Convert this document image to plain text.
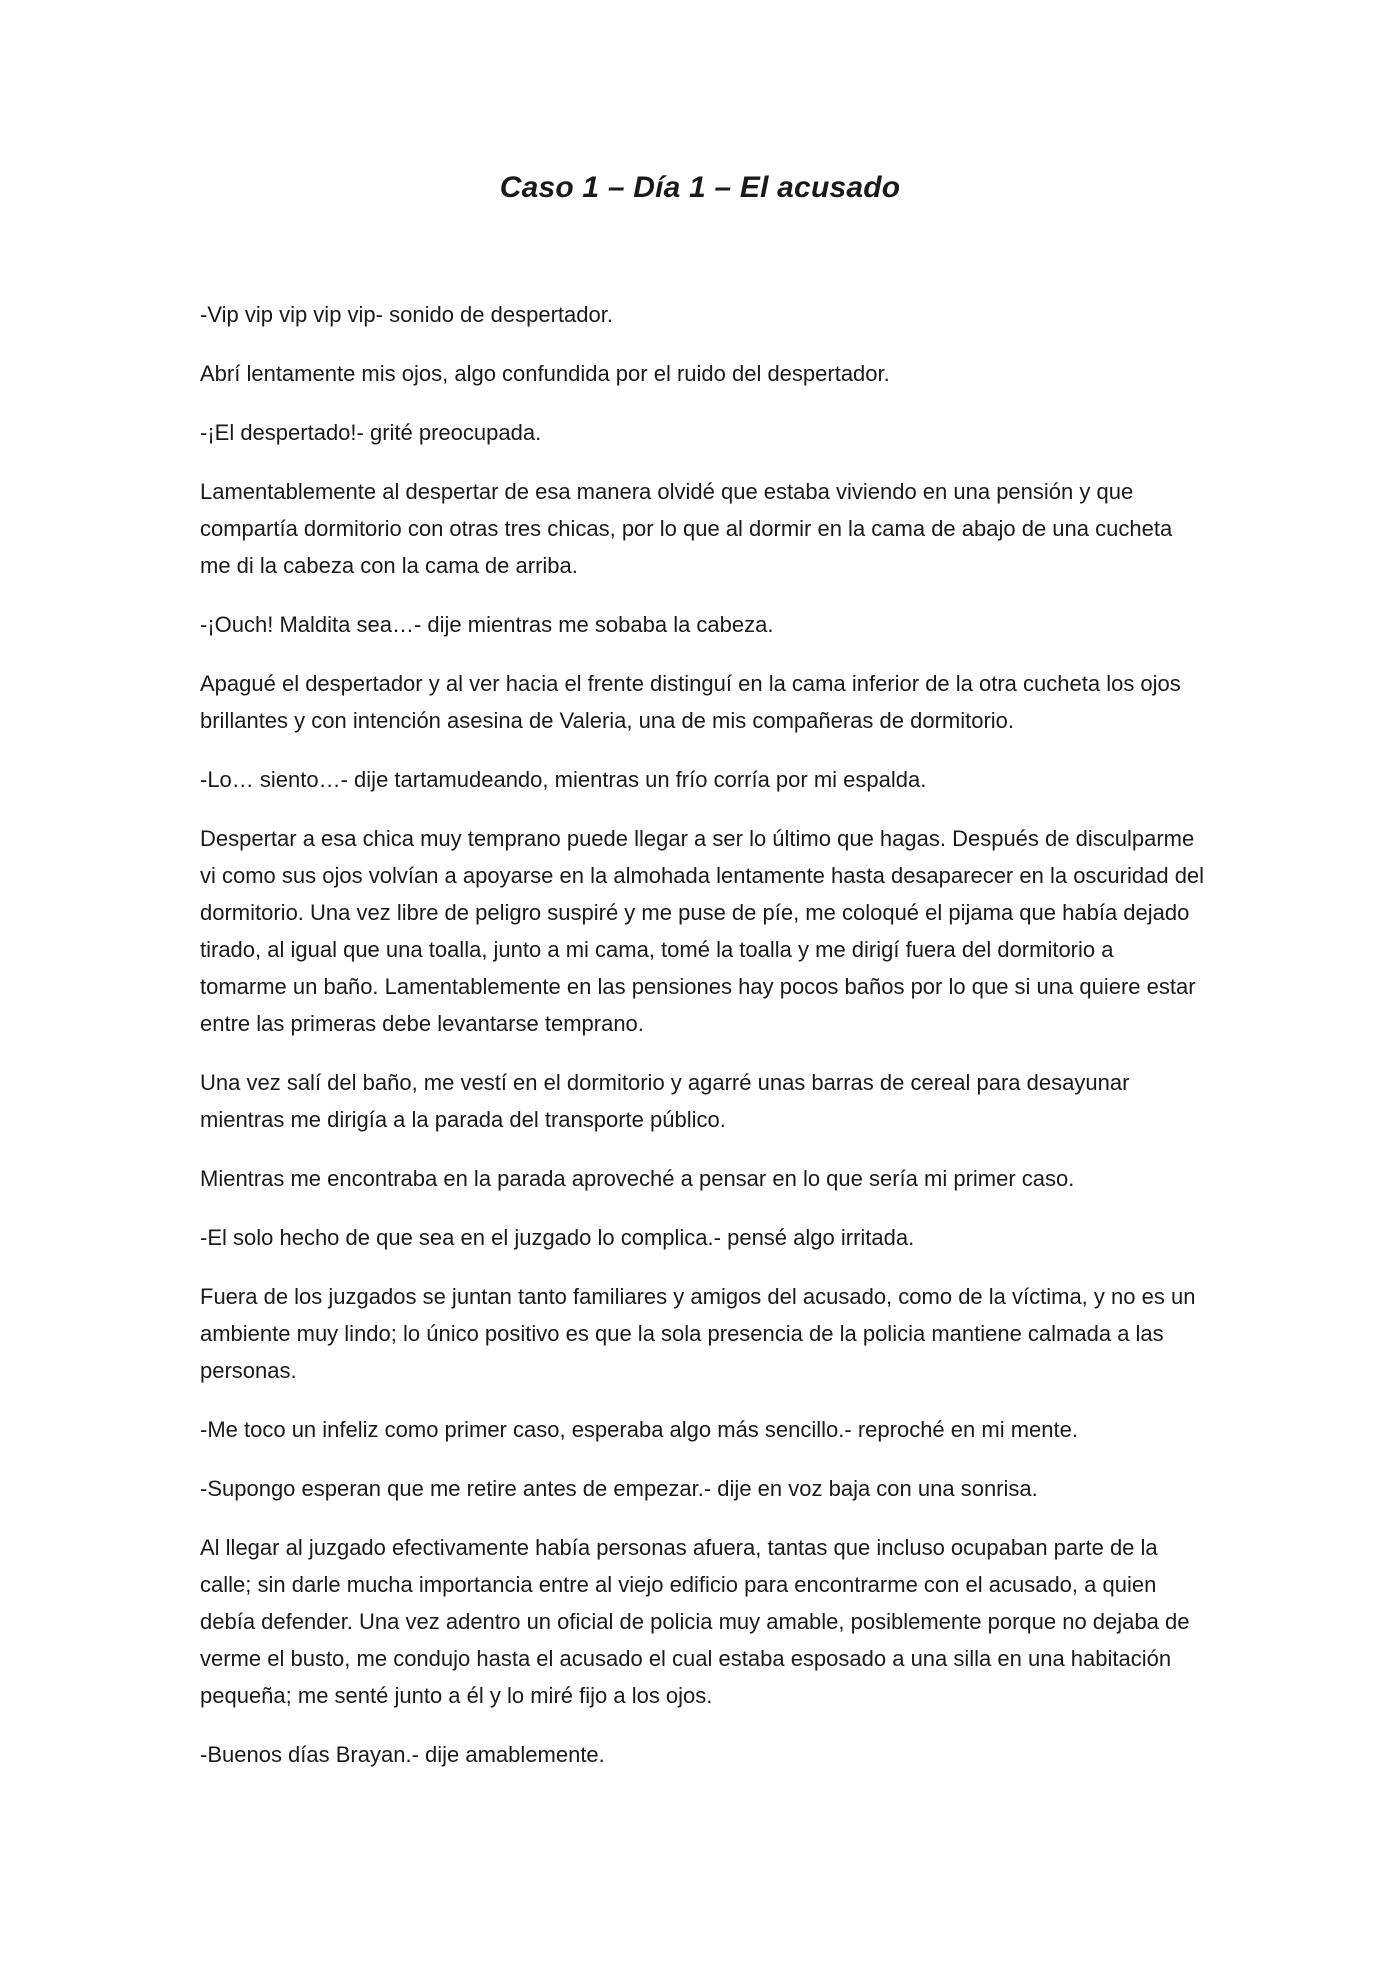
Caso 1 – Día 1 – El acusado

-Vip vip vip vip vip- sonido de despertador.

Abrí lentamente mis ojos, algo confundida por el ruido del despertador.

-¡El despertado!- grité preocupada.

Lamentablemente al despertar de esa manera olvidé que estaba viviendo en una pensión y que compartía dormitorio con otras tres chicas, por lo que al dormir en la cama de abajo de una cucheta me di la cabeza con la cama de arriba.

-¡Ouch! Maldita sea…- dije mientras me sobaba la cabeza.

Apagué el despertador y al ver hacia el frente distinguí en la cama inferior de la otra cucheta los ojos brillantes y con intención asesina de Valeria, una de mis compañeras de dormitorio.

-Lo… siento…- dije tartamudeando, mientras un frío corría por mi espalda.

Despertar a esa chica muy temprano puede llegar a ser lo último que hagas. Después de disculparme vi como sus ojos volvían a apoyarse en la almohada lentamente hasta desaparecer en la oscuridad del dormitorio. Una vez libre de peligro suspiré y me puse de píe, me coloqué el pijama que había dejado tirado, al igual que una toalla, junto a mi cama, tomé la toalla y me dirigí fuera del dormitorio a tomarme un baño. Lamentablemente en las pensiones hay pocos baños por lo que si una quiere estar entre las primeras debe levantarse temprano.

Una vez salí del baño, me vestí en el dormitorio y agarré unas barras de cereal para desayunar mientras me dirigía a la parada del transporte público.

Mientras me encontraba en la parada aproveché a pensar en lo que sería mi primer caso.

-El solo hecho de que sea en el juzgado lo complica.- pensé algo irritada.

Fuera de los juzgados se juntan tanto familiares y amigos del acusado, como de la víctima, y no es un ambiente muy lindo; lo único positivo es que la sola presencia de la policia mantiene calmada a las personas.

-Me toco un infeliz como primer caso, esperaba algo más sencillo.- reproché en mi mente.

-Supongo esperan que me retire antes de empezar.- dije en voz baja con una sonrisa.

Al llegar al juzgado efectivamente había personas afuera, tantas que incluso ocupaban parte de la calle; sin darle mucha importancia entre al viejo edificio para encontrarme con el acusado, a quien debía defender. Una vez adentro un oficial de policia muy amable, posiblemente porque no dejaba de verme el busto, me condujo hasta el acusado el cual estaba esposado a una silla en una habitación pequeña; me senté junto a él y lo miré fijo a los ojos.

-Buenos días Brayan.- dije amablemente.
